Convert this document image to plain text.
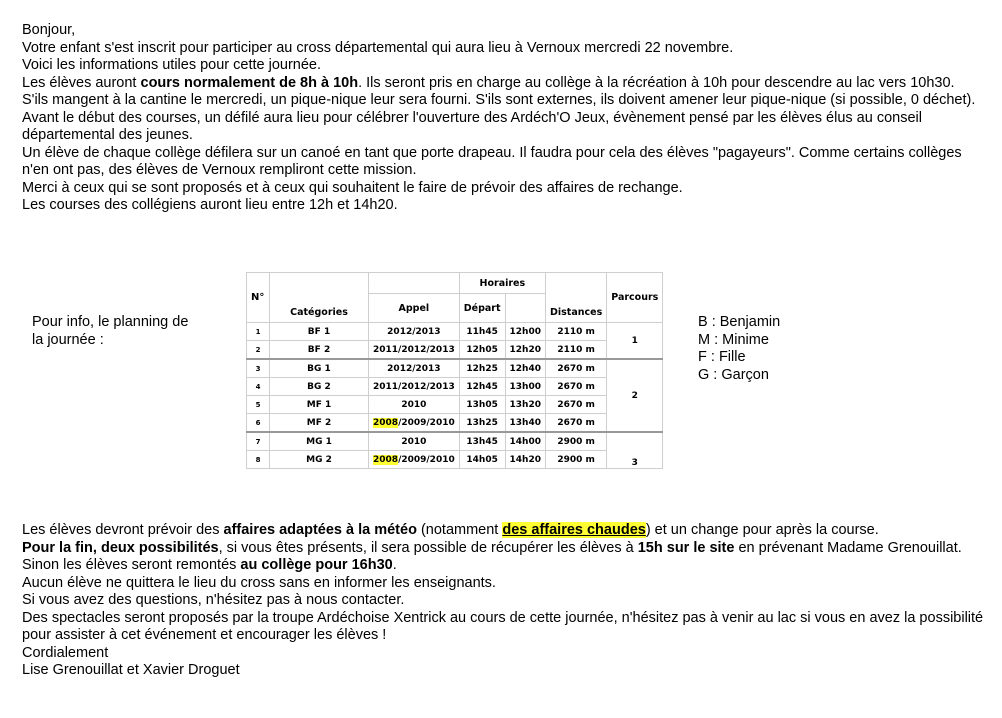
Bonjour,

Votre enfant s'est inscrit pour participer au cross départemental qui aura lieu à Vernoux mercredi 22 novembre.

Voici les informations utiles pour cette journée.

Les élèves auront cours normalement de 8h à 10h. Ils seront pris en charge au collège à la récréation à 10h pour descendre au lac vers 10h30.

S'ils mangent à la cantine le mercredi, un pique-nique leur sera fourni. S'ils sont externes, ils doivent amener leur pique-nique (si possible, 0 déchet).

Avant le début des courses, un défilé aura lieu pour célébrer l'ouverture des Ardéch'O Jeux, évènement pensé par les élèves élus au conseil départemental des jeunes.

Un élève de chaque collège défilera sur un canoé en tant que porte drapeau. Il faudra pour cela des élèves "pagayeurs". Comme certains collèges n'en ont pas, des élèves de Vernoux rempliront cette mission.

Merci à ceux qui se sont proposés et à ceux qui souhaitent le faire de prévoir des affaires de rechange.

Les courses des collégiens auront lieu entre 12h et 14h20.

Pour info, le planning de la journée :
N°	Catégories		Horaires		Distances	Parcours
		Appel	Départ			
1	BF 1	2012/2013	11h45	12h00	2110 m	1
2	BF 2	2011/2012/2013	12h05	12h20	2110 m	
3	BG 1	2012/2013	12h25	12h40	2670 m	2
4	BG 2	2011/2012/2013	12h45	13h00	2670 m	
5	MF 1	2010	13h05	13h20	2670 m	
6	MF 2	2008/2009/2010	13h25	13h40	2670 m	
7	MG 1	2010	13h45	14h00	2900 m	3
8	MG 2	2008/2009/2010	14h05	14h20	2900 m	
B : Benjamin
M : Minime
F : Fille
G : Garçon

Les élèves devront prévoir des affaires adaptées à la météo (notamment des affaires chaudes) et un change pour après la course.

Pour la fin, deux possibilités, si vous êtes présents, il sera possible de récupérer les élèves à 15h sur le site en prévenant Madame Grenouillat. Sinon les élèves seront remontés au collège pour 16h30.

Aucun élève ne quittera le lieu du cross sans en informer les enseignants.

Si vous avez des questions, n'hésitez pas à nous contacter.

Des spectacles seront proposés par la troupe Ardéchoise Xentrick au cours de cette journée, n'hésitez pas à venir au lac si vous en avez la possibilité pour assister à cet événement et encourager les élèves !

Cordialement

Lise Grenouillat et Xavier Droguet
